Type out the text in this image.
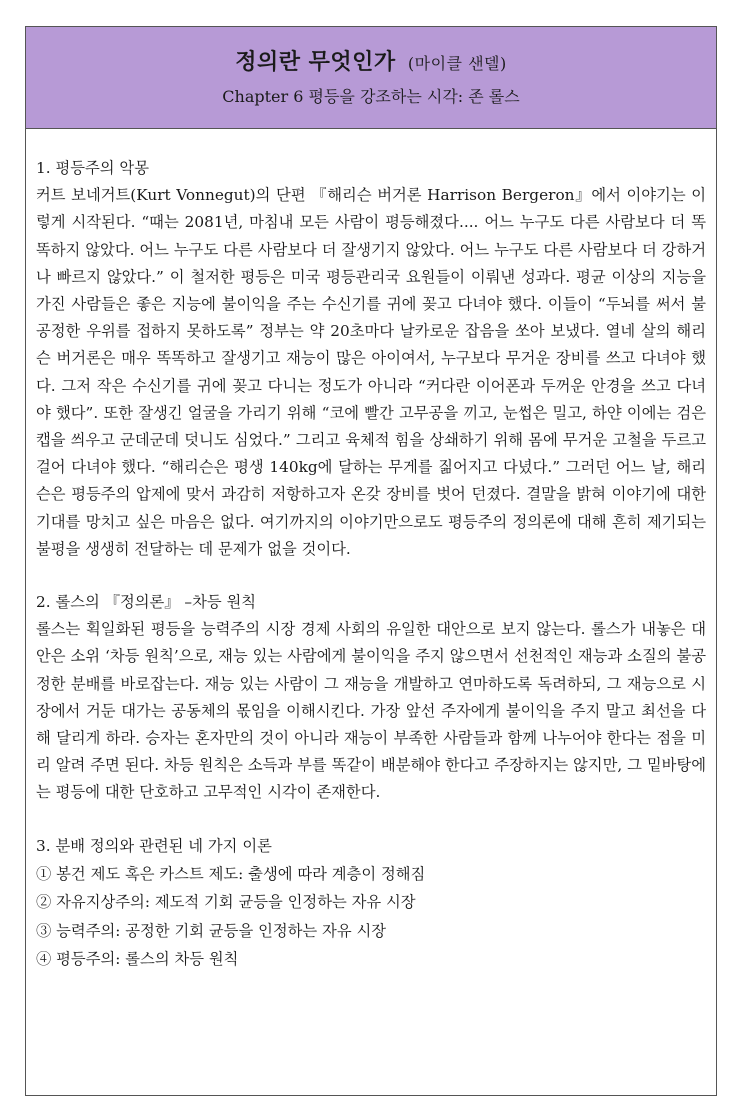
정의란 무엇인가 (마이클 샌델)
Chapter 6 평등을 강조하는 시각: 존 롤스
1. 평등주의 악몽
커트 보네거트(Kurt Vonnegut)의 단편 『해리슨 버거론 Harrison Bergeron』에서 이야기는 이렇게 시작된다. “때는 2081년, 마침내 모든 사람이 평등해졌다.... 어느 누구도 다른 사람보다 더 똑똑하지 않았다. 어느 누구도 다른 사람보다 더 잘생기지 않았다. 어느 누구도 다른 사람보다 더 강하거나 빠르지 않았다.” 이 철저한 평등은 미국 평등관리국 요원들이 이뤄낸 성과다. 평균 이상의 지능을 가진 사람들은 좋은 지능에 불이익을 주는 수신기를 귀에 꽂고 다녀야 했다. 이들이 “두뇌를 써서 불공정한 우위를 접하지 못하도록” 정부는 약 20초마다 날카로운 잡음을 쏘아 보냈다. 열네 살의 해리슨 버거론은 매우 똑똑하고 잘생기고 재능이 많은 아이여서, 누구보다 무거운 장비를 쓰고 다녀야 했다. 그저 작은 수신기를 귀에 꽂고 다니는 정도가 아니라 “커다란 이어폰과 두꺼운 안경을 쓰고 다녀야 했다”. 또한 잘생긴 얼굴을 가리기 위해 “코에 빨간 고무공을 끼고, 눈썹은 밀고, 하얀 이에는 검은 캡을 씌우고 군데군데 덧니도 심었다.” 그리고 육체적 힘을 상쇄하기 위해 몸에 무거운 고철을 두르고 걸어 다녀야 했다. “해리슨은 평생 140kg에 달하는 무게를 짊어지고 다녔다.” 그러던 어느 날, 해리슨은 평등주의 압제에 맞서 과감히 저항하고자 온갖 장비를 벗어 던졌다. 결말을 밝혀 이야기에 대한 기대를 망치고 싶은 마음은 없다. 여기까지의 이야기만으로도 평등주의 정의론에 대해 흔히 제기되는 불평을 생생히 전달하는 데 문제가 없을 것이다.
2. 롤스의 『정의론』 –차등 원칙
롤스는 획일화된 평등을 능력주의 시장 경제 사회의 유일한 대안으로 보지 않는다. 롤스가 내놓은 대안은 소위 ‘차등 원칙’으로, 재능 있는 사람에게 불이익을 주지 않으면서 선천적인 재능과 소질의 불공정한 분배를 바로잡는다. 재능 있는 사람이 그 재능을 개발하고 연마하도록 독려하되, 그 재능으로 시장에서 거둔 대가는 공동체의 몫임을 이해시킨다. 가장 앞선 주자에게 불이익을 주지 말고 최선을 다해 달리게 하라. 승자는 혼자만의 것이 아니라 재능이 부족한 사람들과 함께 나누어야 한다는 점을 미리 알려 주면 된다. 차등 원칙은 소득과 부를 똑같이 배분해야 한다고 주장하지는 않지만, 그 밑바탕에는 평등에 대한 단호하고 고무적인 시각이 존재한다.
3. 분배 정의와 관련된 네 가지 이론
① 봉건 제도 혹은 카스트 제도: 출생에 따라 계층이 정해짐
② 자유지상주의: 제도적 기회 균등을 인정하는 자유 시장
③ 능력주의: 공정한 기회 균등을 인정하는 자유 시장
④ 평등주의: 롤스의 차등 원칙
